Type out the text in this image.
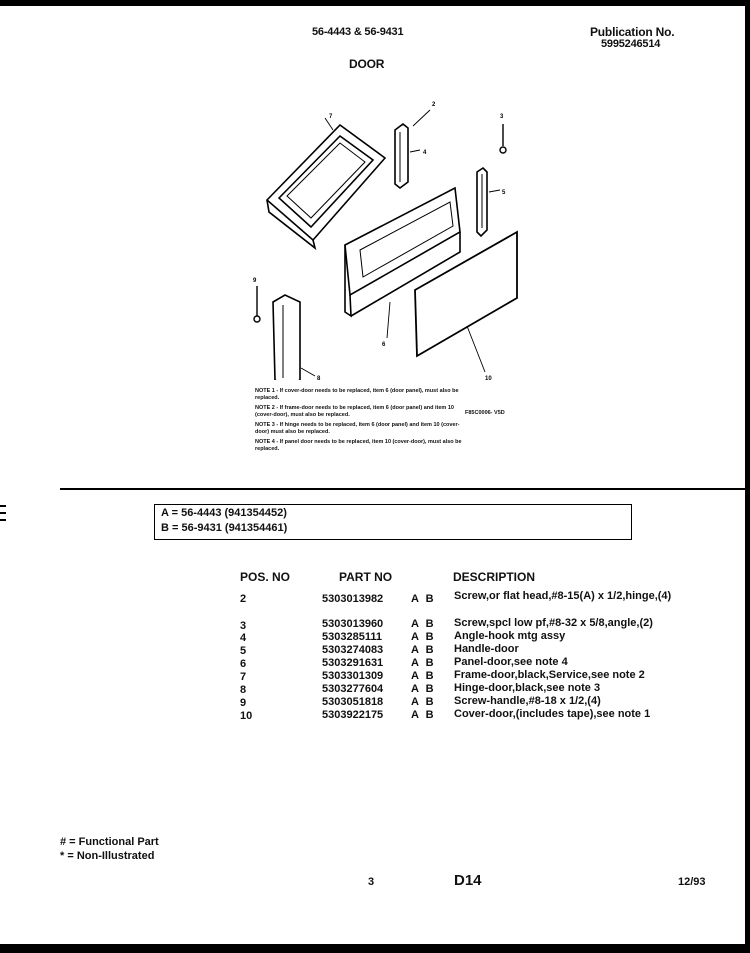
56-4443 & 56-9431	Publication No.
5995246514
DOOR
2
3
4
5
6
7
8
9
10

NOTE 1 - If cover-door needs to be replaced, item 6 (door panel), must also be replaced.

NOTE 2 - If frame-door needs to be replaced, item 6 (door panel) and item 10 (cover-door), must also be replaced.

NOTE 3 - If hinge needs to be replaced, item 6 (door panel) and item 10 (cover-door) must also be replaced.

NOTE 4 - If panel door needs to be replaced, item 10 (cover-door), must also be replaced.

F85C0006- V5D
A = 56-4443 (941354452)
B = 56-9431 (941354461)
POS. NO	PART NO	DESCRIPTION
2	5303013982	A B Screw,or flat head,#8-15(A) x 1/2,hinge,(4)
3	5303013960	A B Screw,spcl low pf,#8-32 x 5/8,angle,(2)
4	5303285111	A B Angle-hook mtg assy
5	5303274083	A B Handle-door
6	5303291631	A B Panel-door,see note 4
7	5303301309	A B Frame-door,black,Service,see note 2
8	5303277604	A B Hinge-door,black,see note 3
9	5303051818	A B Screw-handle,#8-18 x 1/2,(4)
10	5303922175	A B Cover-door,(includes tape),see note 1
# = Functional Part
* = Non-Illustrated
3	D14	12/93
